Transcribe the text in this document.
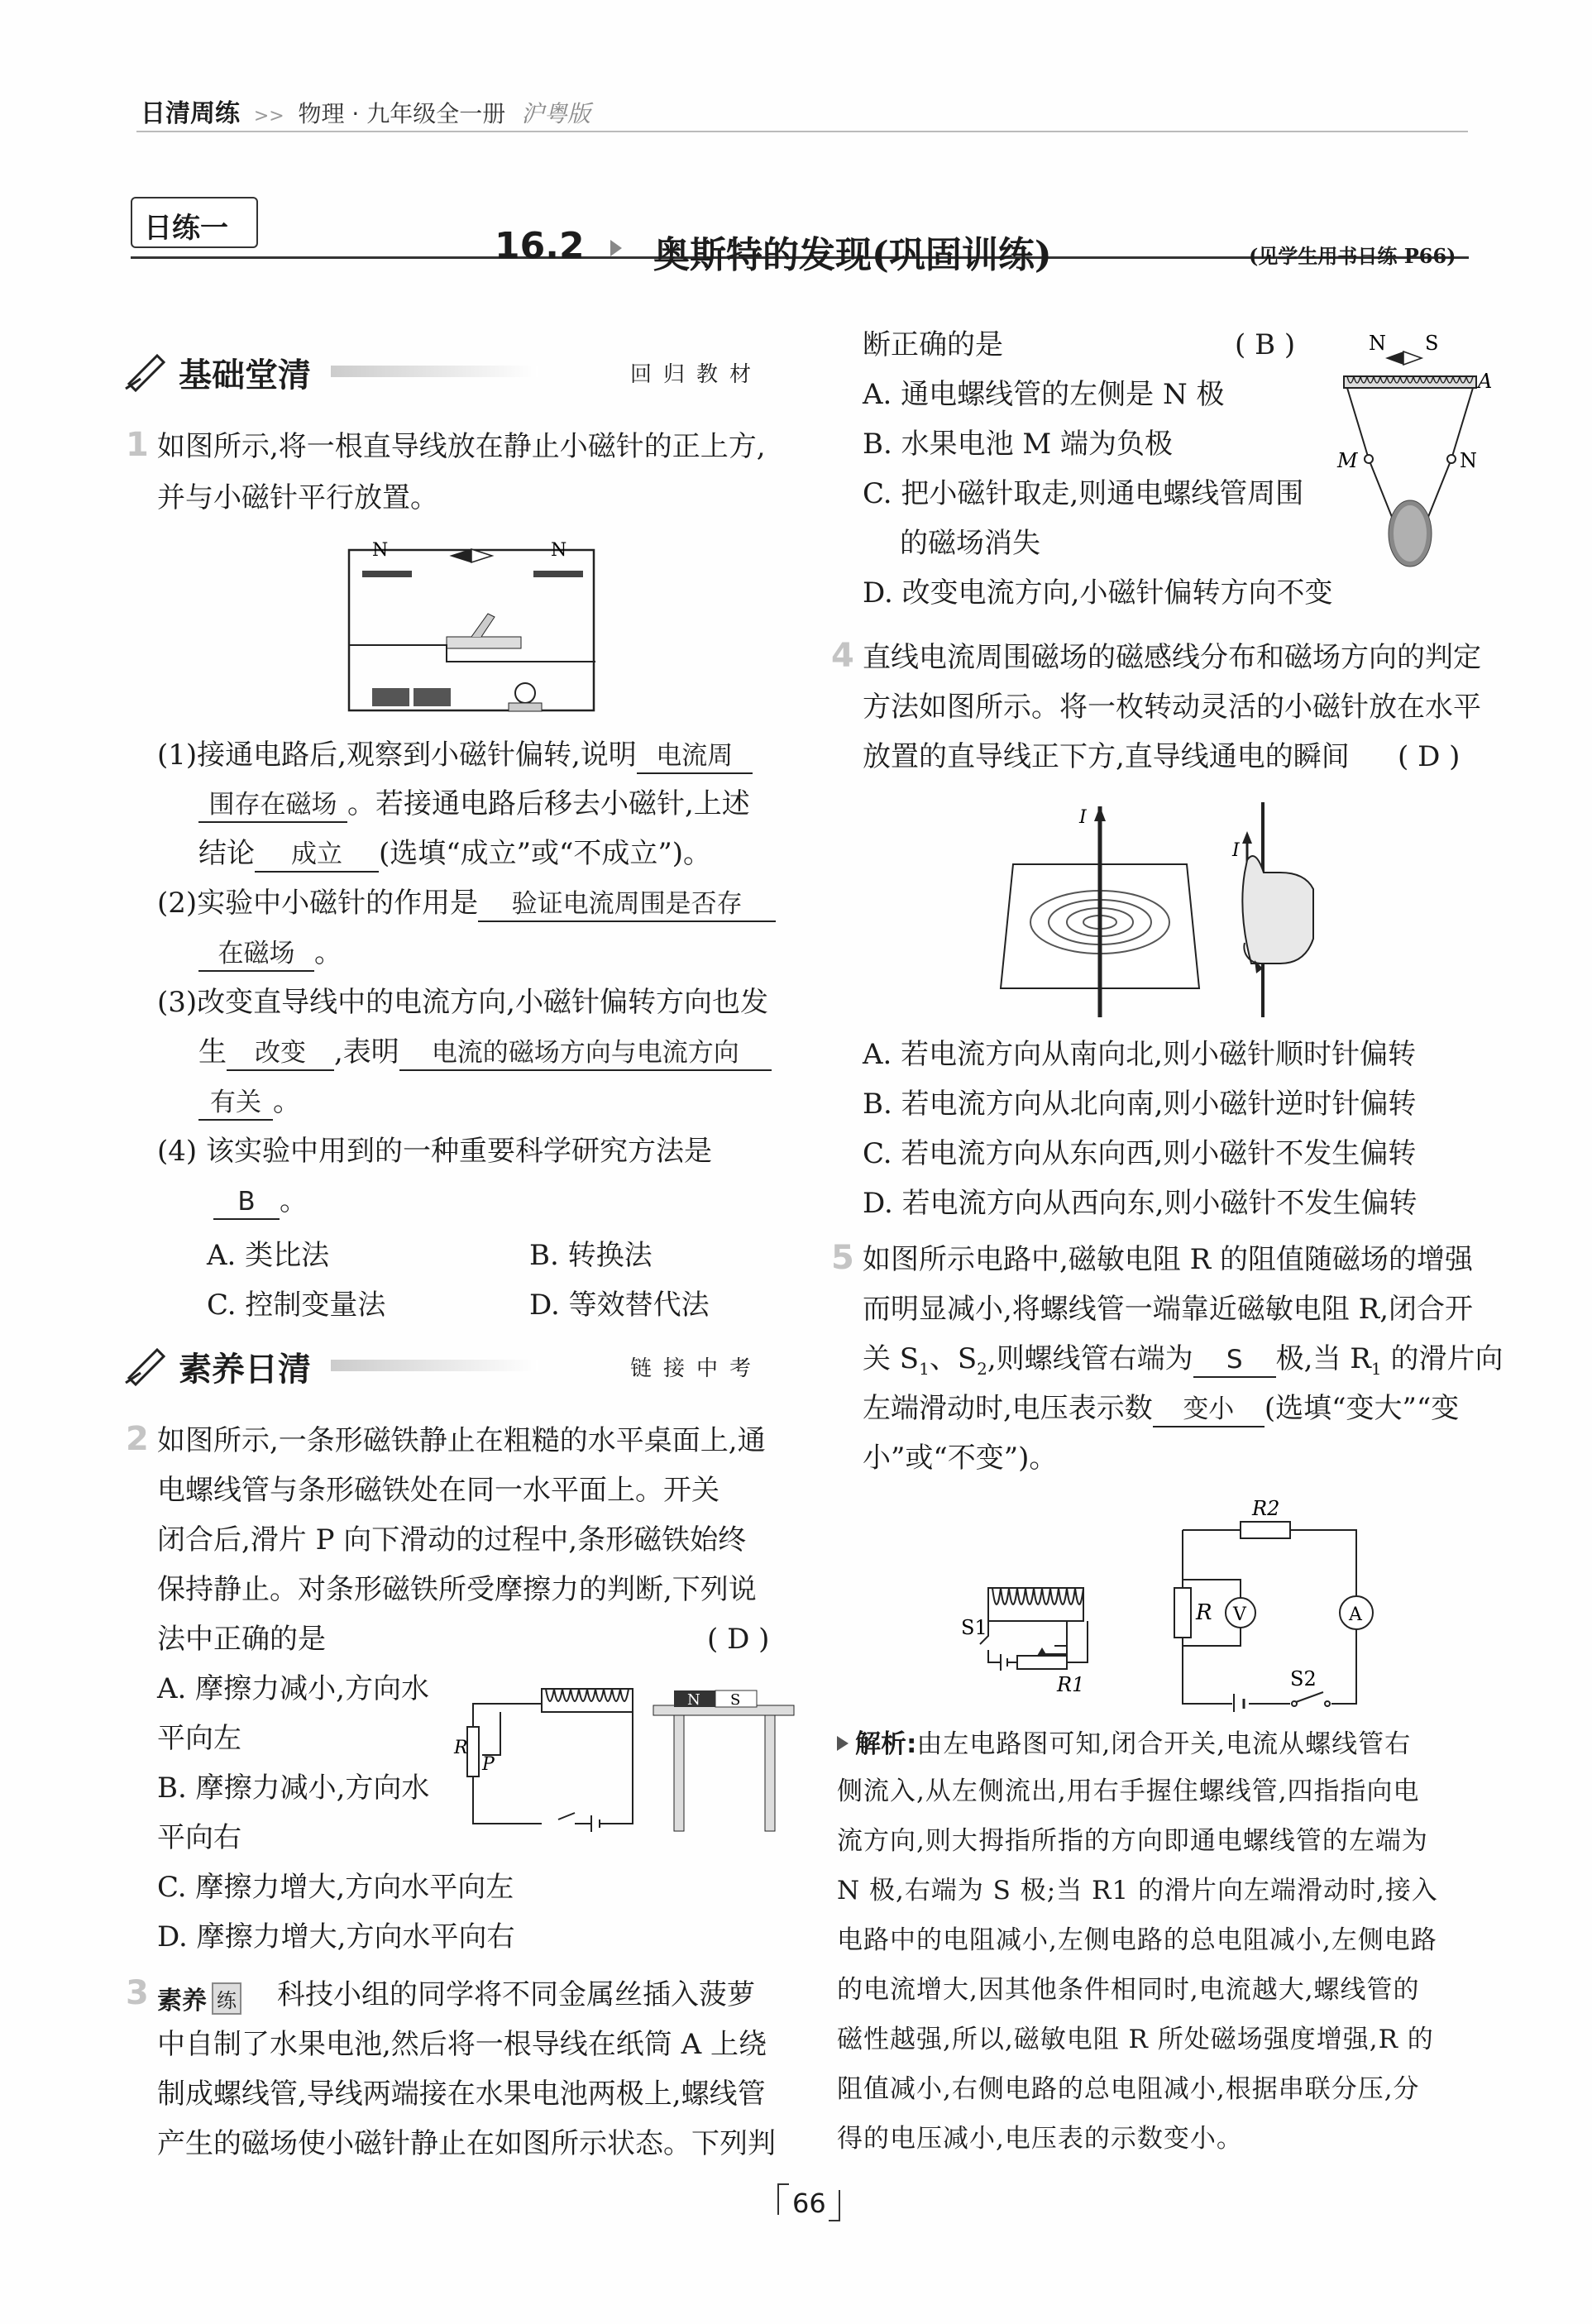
日清周练 >> 物理 · 九年级全一册 沪粤版
日练一	16.2 奥斯特的发现(巩固训练)	(见学生用书日练 P66)
基础堂清	回归教材
1 如图所示,将一根直导线放在静止小磁针的正上方,
并与小磁针平行放置。
N	N
(1)接通电路后,观察到小磁针偏转,说明 电流周
围存在磁场 。若接通电路后移去小磁针,上述
结论 成立 (选填“成立”或“不成立”)。
(2)实验中小磁针的作用是 验证电流周围是否存
在磁场 。
(3)改变直导线中的电流方向,小磁针偏转方向也发
生 改变 ,表明 电流的磁场方向与电流方向
有关 。
(4) 该实验中用到的一种重要科学研究方法是
B 。
A. 类比法	B. 转换法
C. 控制变量法	D. 等效替代法
素养日清	链接中考
2 如图所示,一条形磁铁静止在粗糙的水平桌面上,通
电螺线管与条形磁铁处在同一水平面上。开关
闭合后,滑片 P 向下滑动的过程中,条形磁铁始终
保持静止。对条形磁铁所受摩擦力的判断,下列说
法中正确的是	( D )
A. 摩擦力减小,方向水
平向左
B. 摩擦力减小,方向水
平向右
C. 摩擦力增大,方向水平向左
D. 摩擦力增大,方向水平向右
R
P
N S
3 素养 练 科技小组的同学将不同金属丝插入菠萝
中自制了水果电池,然后将一根导线在纸筒 A 上绕
制成螺线管,导线两端接在水果电池两极上,螺线管
产生的磁场使小磁针静止在如图所示状态。下列判
断正确的是	( B )
A. 通电螺线管的左侧是 N 极
B. 水果电池 M 端为负极
C. 把小磁针取走,则通电螺线管周围
的磁场消失
D. 改变电流方向,小磁针偏转方向不变
N S
A
M	N
4 直线电流周围磁场的磁感线分布和磁场方向的判定
方法如图所示。将一枚转动灵活的小磁针放在水平
放置的直导线正下方,直导线通电的瞬间 ( D )
I
I
A. 若电流方向从南向北,则小磁针顺时针偏转
B. 若电流方向从北向南,则小磁针逆时针偏转
C. 若电流方向从东向西,则小磁针不发生偏转
D. 若电流方向从西向东,则小磁针不发生偏转
5 如图所示电路中,磁敏电阻 R 的阻值随磁场的增强
而明显减小,将螺线管一端靠近磁敏电阻 R,闭合开
关 $S_1$、$S_2$,则螺线管右端为 S 极,当 $R_1$ 的滑片向
左端滑动时,电压表示数 变小 (选填“变大”“变
小”或“不变”)。
S1
R1
R2
R V	A
S2
解析:由左电路图可知,闭合开关,电流从螺线管右
侧流入,从左侧流出,用右手握住螺线管,四指指向电
流方向,则大拇指所指的方向即通电螺线管的左端为
N 极,右端为 S 极;当 R1 的滑片向左端滑动时,接入
电路中的电阻减小,左侧电路的总电阻减小,左侧电路
的电流增大,因其他条件相同时,电流越大,螺线管的
磁性越强,所以,磁敏电阻 R 所处磁场强度增强,R 的
阻值减小,右侧电路的总电阻减小,根据串联分压,分
得的电压减小,电压表的示数变小。
66
